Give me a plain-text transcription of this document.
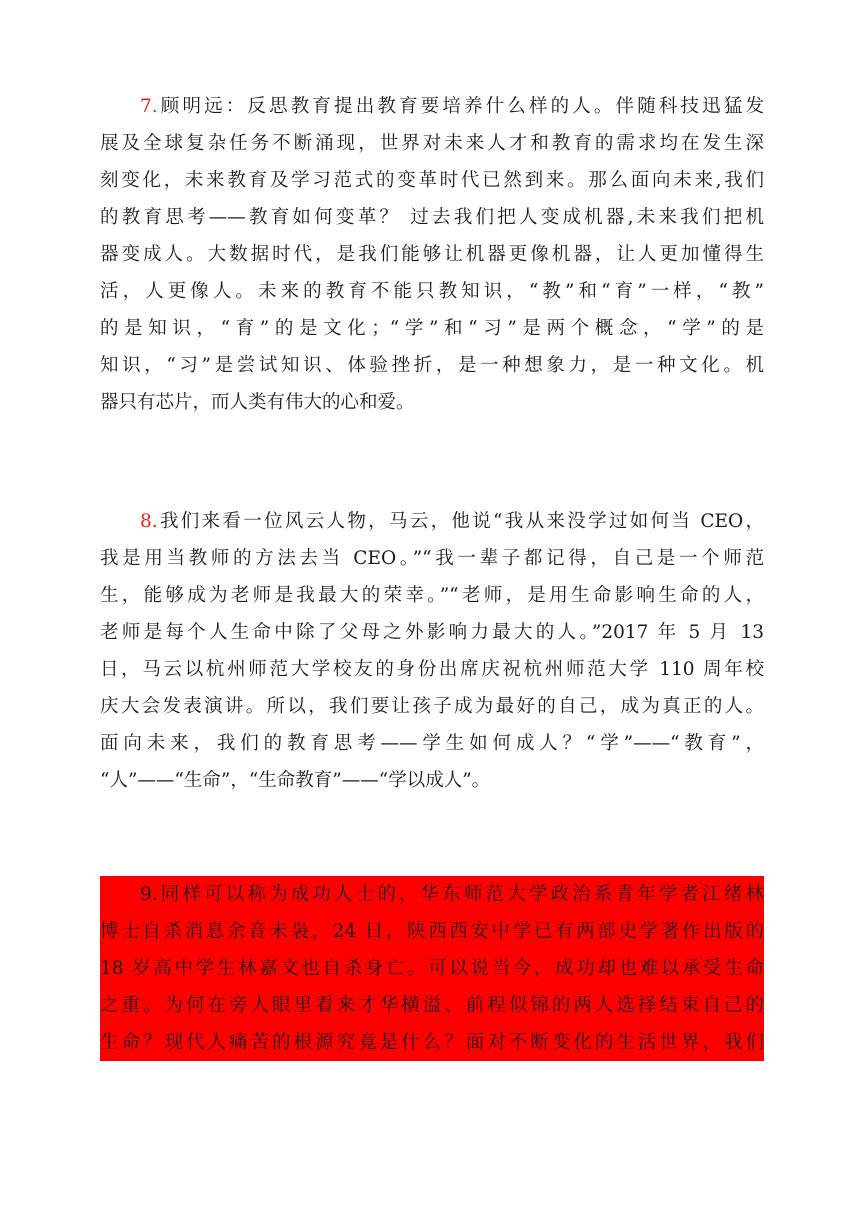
7.顾明远：反思教育提出教育要培养什么样的人。伴随科技迅猛发
展及全球复杂任务不断涌现，世界对未来人才和教育的需求均在发生深
刻变化，未来教育及学习范式的变革时代已然到来。那么面向未来,我们
的教育思考——教育如何变革？ 过去我们把人变成机器,未来我们把机
器变成人。大数据时代，是我们能够让机器更像机器，让人更加懂得生
活，人更像人。未来的教育不能只教知识，“教”和“育”一样，“教”
的是知识，“育”的是文化；“学”和“习”是两个概念，“学”的是
知识，“习”是尝试知识、体验挫折，是一种想象力，是一种文化。机
器只有芯片，而人类有伟大的心和爱。
8.我们来看一位风云人物，马云，他说“我从来没学过如何当 CEO，
我是用当教师的方法去当 CEO。”“我一辈子都记得，自己是一个师范
生，能够成为老师是我最大的荣幸。”“老师，是用生命影响生命的人，
老师是每个人生命中除了父母之外影响力最大的人。”2017 年 5 月 13
日，马云以杭州师范大学校友的身份出席庆祝杭州师范大学 110 周年校
庆大会发表演讲。所以，我们要让孩子成为最好的自己，成为真正的人。
面向未来，我们的教育思考——学生如何成人？“学”——“教育”，
“人”——“生命”，“生命教育”——“学以成人”。
9.同样可以称为成功人士的，华东师范大学政治系青年学者江绪林
博士自杀消息余音未袅，24 日，陕西西安中学已有两部史学著作出版的
18 岁高中学生林嘉文也自杀身亡。可以说当今，成功却也难以承受生命
之重。为何在旁人眼里看来才华横溢、前程似锦的两人选择结束自己的
生命？现代人痛苦的根源究竟是什么？面对不断变化的生活世界，我们
